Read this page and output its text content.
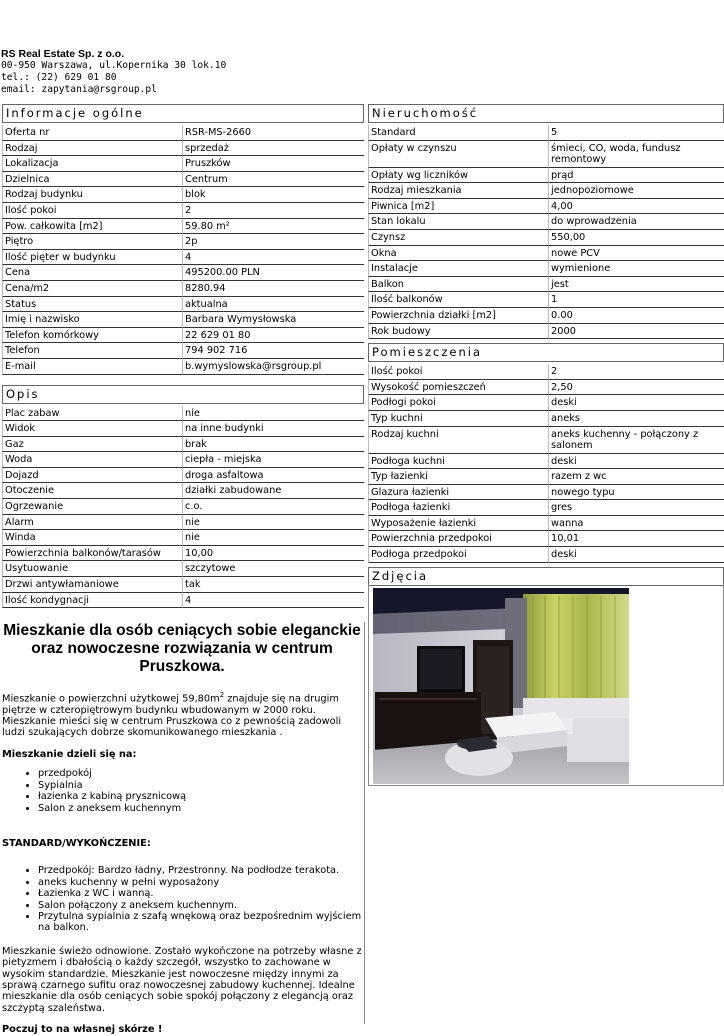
RS Real Estate Sp. z o.o.
00-950 Warszawa, ul.Kopernika 30 lok.10
tel.: (22) 629 01 80
email: zapytania@rsgroup.pl
Informacje ogólne
Oferta nr	RSR-MS-2660
Rodzaj	sprzedaż
Lokalizacja	Pruszków
Dzielnica	Centrum
Rodzaj budynku	blok
Ilość pokoi	2
Pow. całkowita [m2]	59.80 m²
Piętro	2p
Ilość pięter w budynku	4
Cena	495200.00 PLN
Cena/m2	8280.94
Status	aktualna
Imię i nazwisko	Barbara Wymysłowska
Telefon komórkowy	22 629 01 80
Telefon	794 902 716
E-mail	b.wymyslowska@rsgroup.pl
Opis
Plac zabaw	nie
Widok	na inne budynki
Gaz	brak
Woda	ciepła - miejska
Dojazd	droga asfaltowa
Otoczenie	działki zabudowane
Ogrzewanie	c.o.
Alarm	nie
Winda	nie
Powierzchnia balkonów/tarasów	10,00
Usytuowanie	szczytowe
Drzwi antywłamaniowe	tak
Ilość kondygnacji	4
Nieruchomość
Standard	5
Opłaty w czynszu	śmieci, CO, woda, fundusz remontowy
Opłaty wg liczników	prąd
Rodzaj mieszkania	jednopoziomowe
Piwnica [m2]	4,00
Stan lokalu	do wprowadzenia
Czynsz	550,00
Okna	nowe PCV
Instalacje	wymienione
Balkon	jest
Ilość balkonów	1
Powierzchnia działki [m2]	0.00
Rok budowy	2000
Pomieszczenia
Ilość pokoi	2
Wysokość pomieszczeń	2,50
Podłogi pokoi	deski
Typ kuchni	aneks
Rodzaj kuchni	aneks kuchenny - połączony z salonem
Podłoga kuchni	deski
Typ łazienki	razem z wc
Glazura łazienki	nowego typu
Podłoga łazienki	gres
Wyposażenie łazienki	wanna
Powierzchnia przedpokoi	10,01
Podłoga przedpokoi	deski
Zdjęcia
Mieszkanie dla osób ceniących sobie eleganckie oraz nowoczesne rozwiązania w centrum Pruszkowa.

Mieszkanie o powierzchni użytkowej $59,80m^2$ znajduje się na drugim piętrze w czteropiętrowym budynku wbudowanym w 2000 roku. Mieszkanie mieści się w centrum Pruszkowa co z pewnością zadowoli ludzi szukających dobrze skomunikowanego mieszkania .

Mieszkanie dzieli się na:

• przedpokój
• Sypialnia
• łazienka z kabiną prysznicową
• Salon z aneksem kuchennym

STANDARD/WYKOŃCZENIE:

• Przedpokój: Bardzo ładny, Przestronny. Na podłodze terakota.
• aneks kuchenny w pełni wyposażony
• Łazienka z WC i wanną.
• Salon połączony z aneksem kuchennym.
• Przytulna sypialnia z szafą wnękową oraz bezpośrednim wyjściem na balkon.

Mieszkanie świeżo odnowione. Zostało wykończone na potrzeby własne z pietyzmem i dbałością o każdy szczegół, wszystko to zachowane w wysokim standardzie. Mieszkanie jest nowoczesne między innymi za sprawą czarnego sufitu oraz nowoczesnej zabudowy kuchennej. Idealne mieszkanie dla osób ceniących sobie spokój połączony z elegancją oraz szczyptą szaleństwa.

Poczuj to na własnej skórze !
